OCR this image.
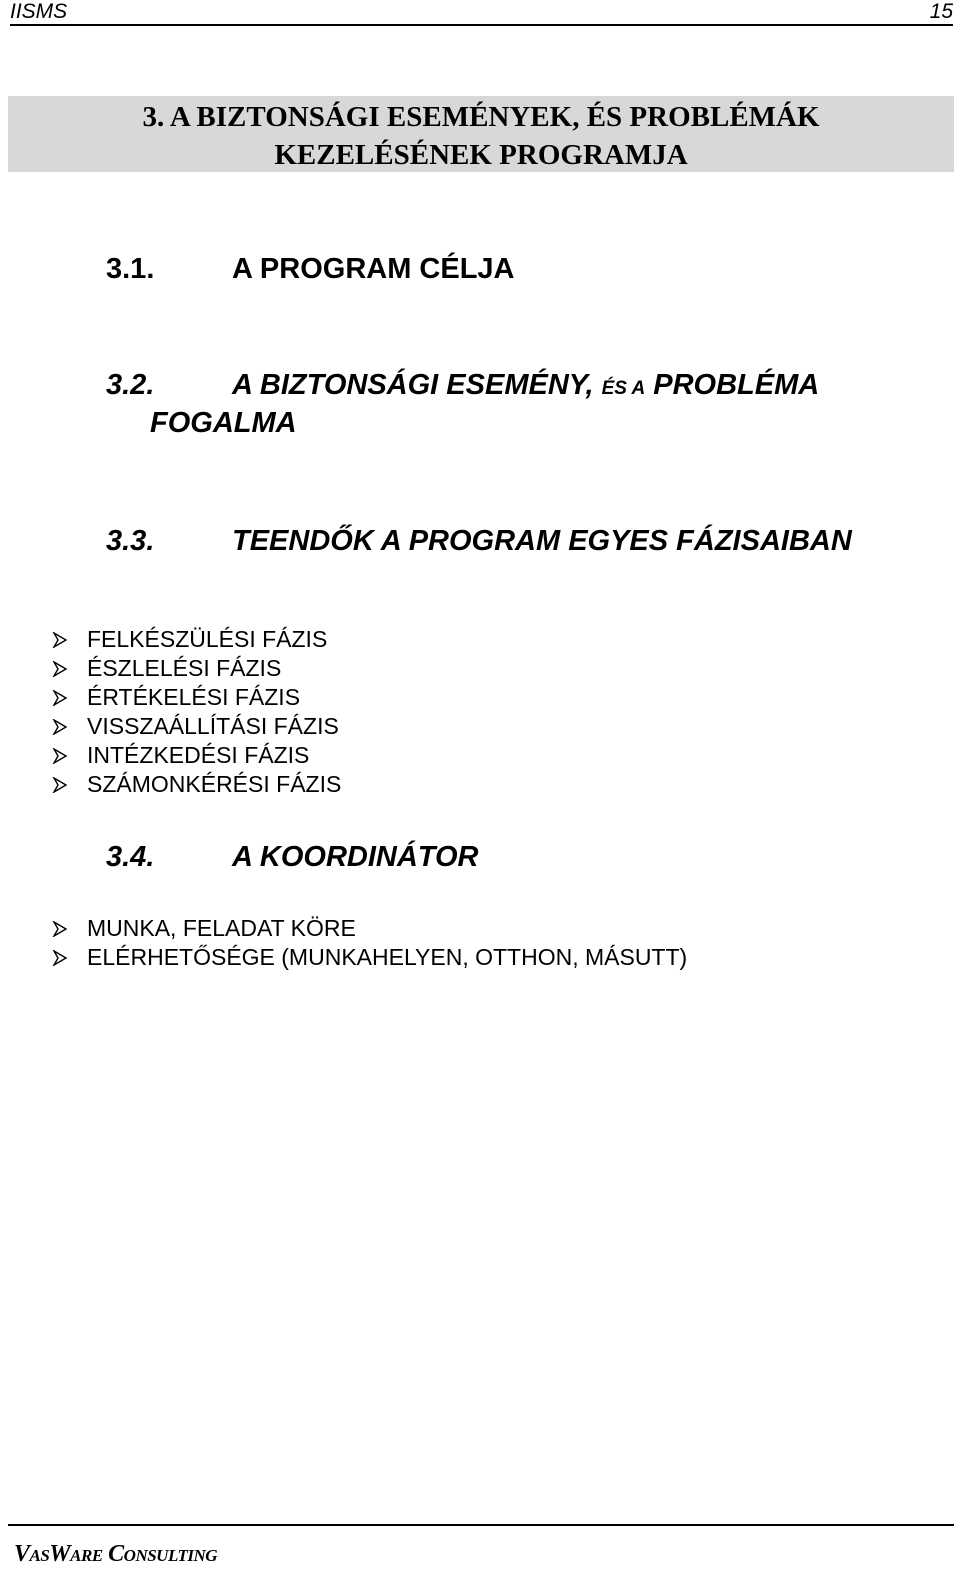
IISMS	15
3. A BIZTONSÁGI ESEMÉNYEK, ÉS PROBLÉMÁK
KEZELÉSÉNEK PROGRAMJA
3.1.	A PROGRAM CÉLJA
3.2.	A BIZTONSÁGI ESEMÉNY, ÉS A PROBLÉMA
FOGALMA
3.3.	TEENDŐK A PROGRAM EGYES FÁZISAIBAN
FELKÉSZÜLÉSI FÁZIS
ÉSZLELÉSI FÁZIS
ÉRTÉKELÉSI FÁZIS
VISSZAÁLLÍTÁSI FÁZIS
INTÉZKEDÉSI FÁZIS
SZÁMONKÉRÉSI FÁZIS
3.4.	A KOORDINÁTOR
MUNKA, FELADAT KÖRE
ELÉRHETŐSÉGE (MUNKAHELYEN, OTTHON, MÁSUTT)
VasWare Consulting
